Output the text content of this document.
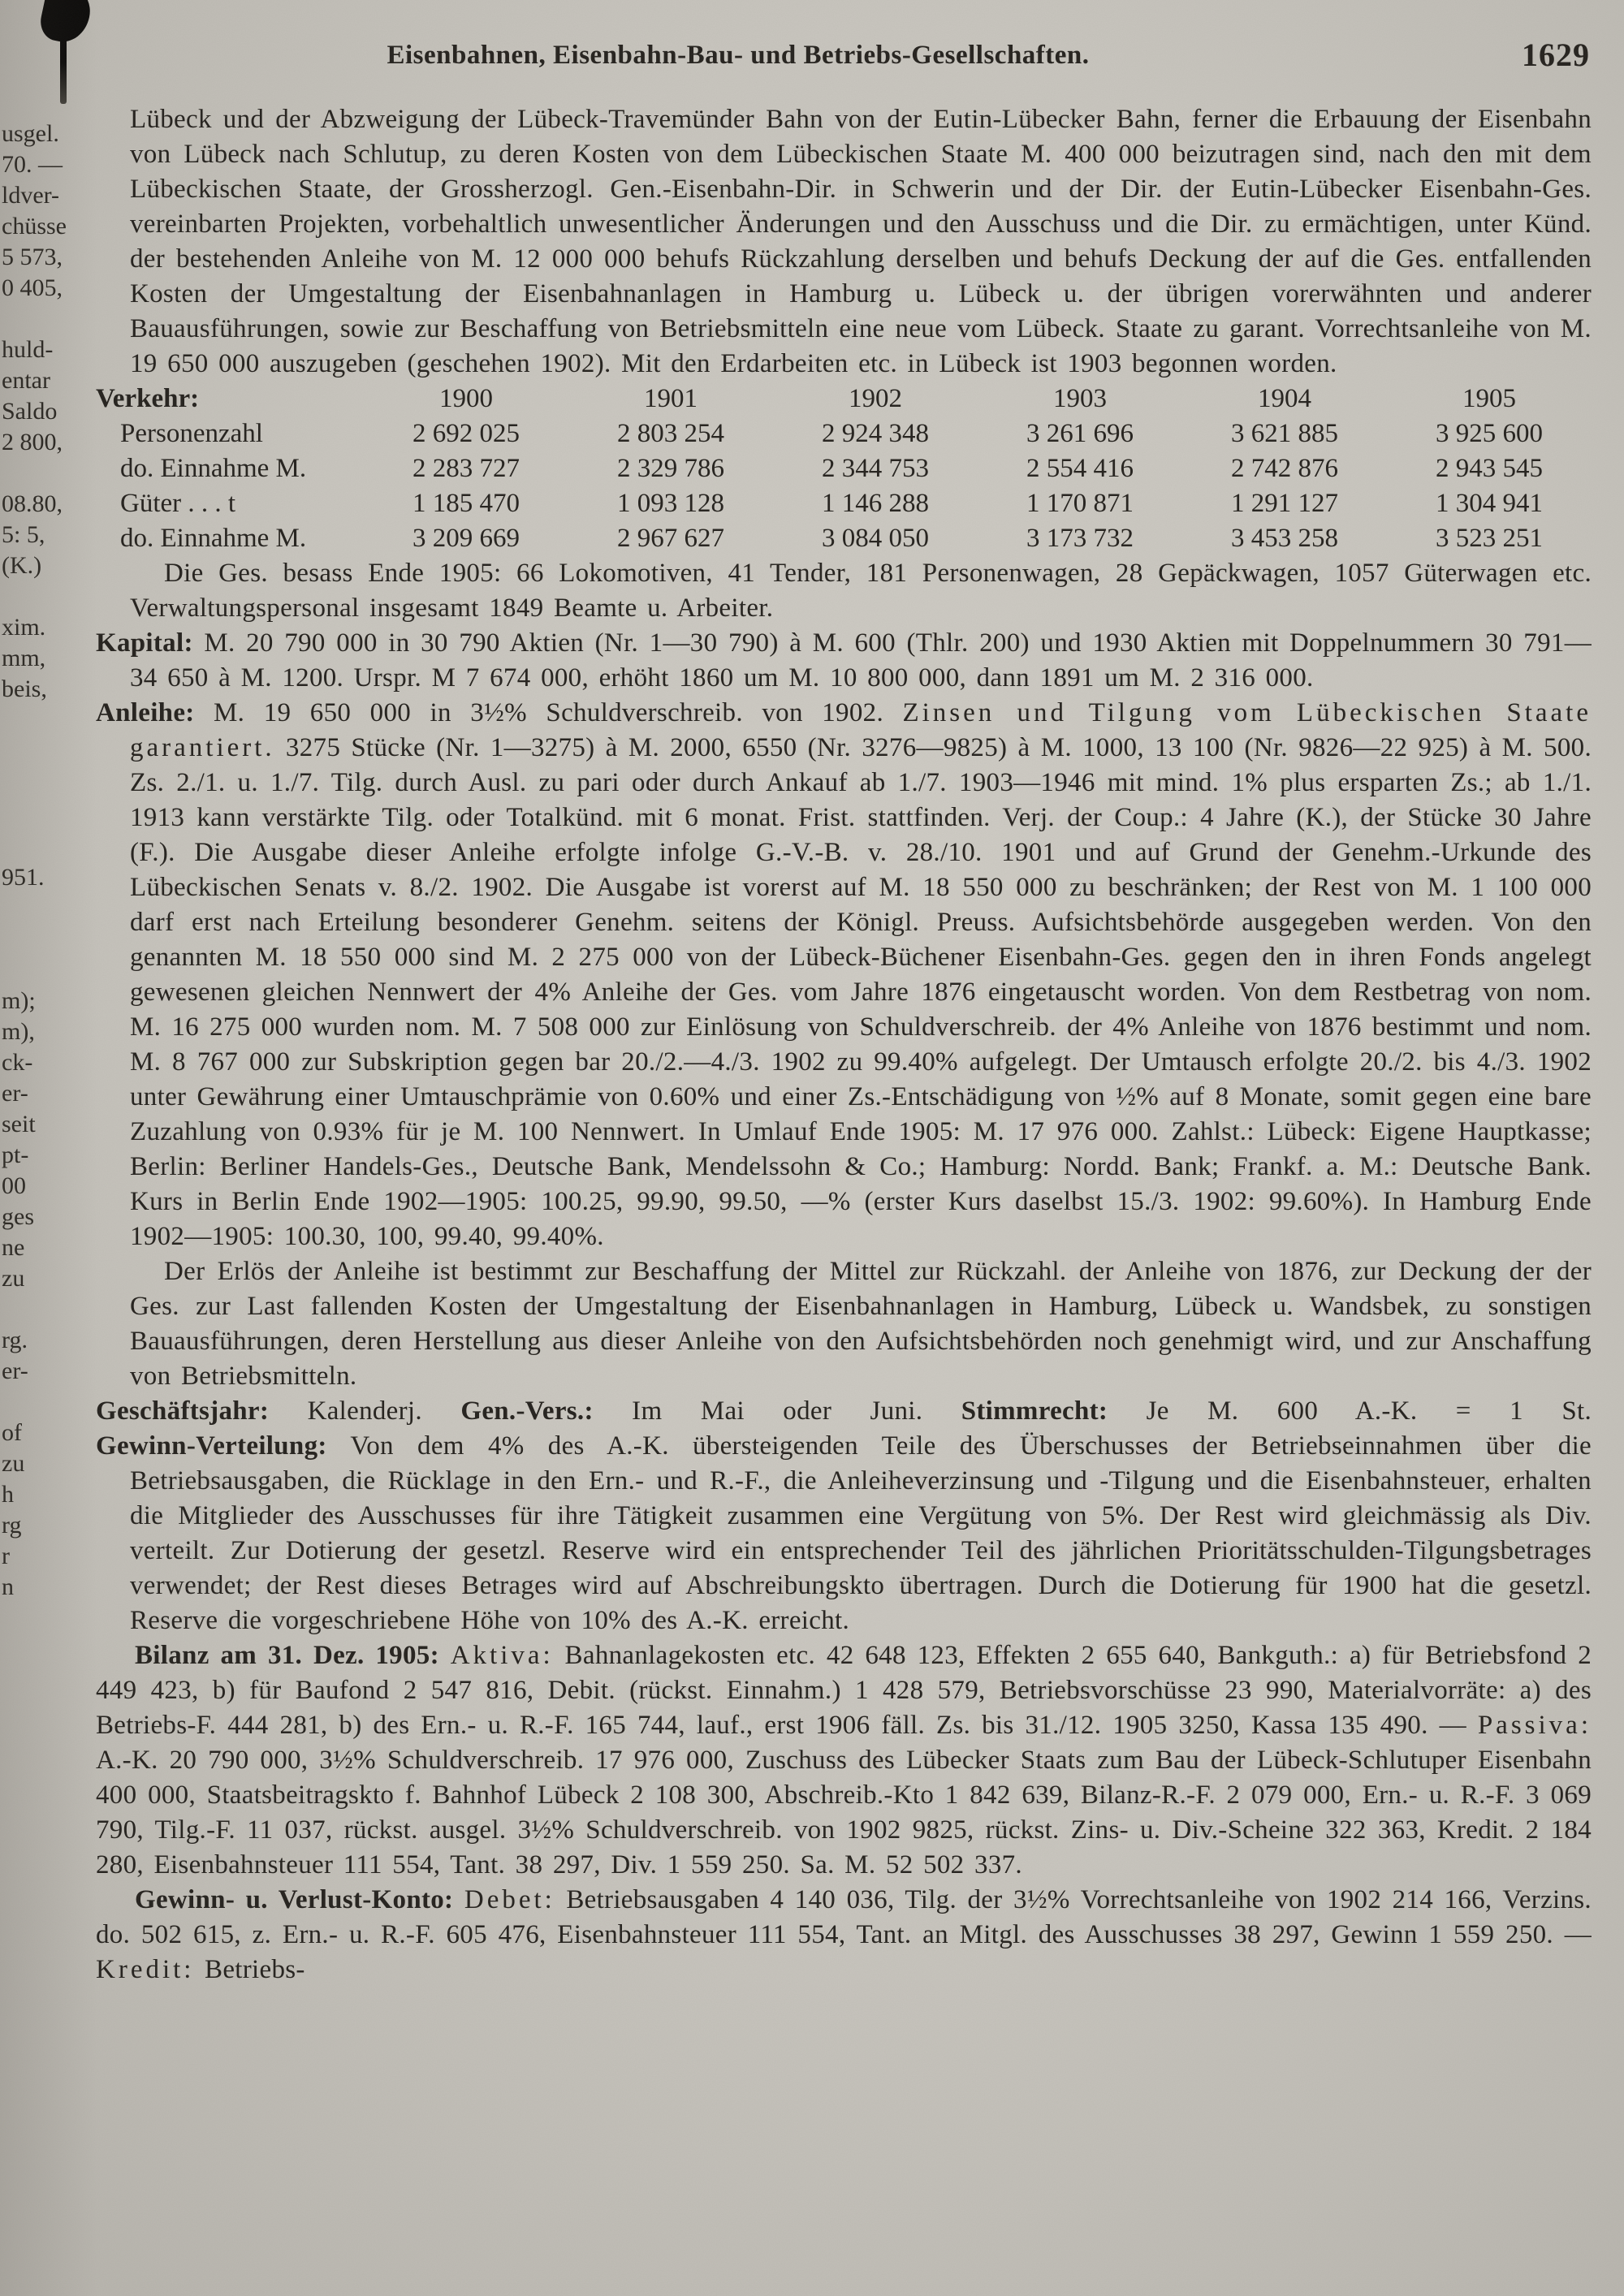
usgel.
70. —
ldver-
chüsse
5 573,
0 405,
huld-
entar
Saldo
2 800,
08.80,
5: 5,
(K.)
xim.
mm,
beis,
951.
m);
m),
ck-
er-
seit
pt-
00
ges
ne
zu
rg.
er-
of
zu
h
rg
r
n
Eisenbahnen, Eisenbahn-Bau- und Betriebs-Gesellschaften.	1629

Lübeck und der Abzweigung der Lübeck-Travemünder Bahn von der Eutin-Lübecker Bahn, ferner die Erbauung der Eisenbahn von Lübeck nach Schlutup, zu deren Kosten von dem Lübeckischen Staate M. 400 000 beizutragen sind, nach den mit dem Lübeckischen Staate, der Grossherzogl. Gen.-Eisenbahn-Dir. in Schwerin und der Dir. der Eutin-Lübecker Eisenbahn-Ges. vereinbarten Projekten, vorbehaltlich unwesentlicher Änderungen und den Ausschuss und die Dir. zu ermächtigen, unter Künd. der bestehenden Anleihe von M. 12 000 000 behufs Rückzahlung derselben und behufs Deckung der auf die Ges. entfallenden Kosten der Umgestaltung der Eisenbahnanlagen in Hamburg u. Lübeck u. der übrigen vorerwähnten und anderer Bauausführungen, sowie zur Beschaffung von Betriebsmitteln eine neue vom Lübeck. Staate zu garant. Vorrechtsanleihe von M. 19 650 000 auszugeben (geschehen 1902). Mit den Erdarbeiten etc. in Lübeck ist 1903 begonnen worden.

Verkehr:	1900	1901	1902	1903	1904	1905
Personenzahl	2 692 025	2 803 254	2 924 348	3 261 696	3 621 885	3 925 600
do. Einnahme M.	2 283 727	2 329 786	2 344 753	2 554 416	2 742 876	2 943 545
Güter . . . t	1 185 470	1 093 128	1 146 288	1 170 871	1 291 127	1 304 941
do. Einnahme M.	3 209 669	2 967 627	3 084 050	3 173 732	3 453 258	3 523 251

Die Ges. besass Ende 1905: 66 Lokomotiven, 41 Tender, 181 Personenwagen, 28 Gepäckwagen, 1057 Güterwagen etc. Verwaltungspersonal insgesamt 1849 Beamte u. Arbeiter.

Kapital: M. 20 790 000 in 30 790 Aktien (Nr. 1—30 790) à M. 600 (Thlr. 200) und 1930 Aktien mit Doppelnummern 30 791—34 650 à M. 1200. Urspr. M 7 674 000, erhöht 1860 um M. 10 800 000, dann 1891 um M. 2 316 000.

Anleihe: M. 19 650 000 in 3½% Schuldverschreib. von 1902. Zinsen und Tilgung vom Lübeckischen Staate garantiert. 3275 Stücke (Nr. 1—3275) à M. 2000, 6550 (Nr. 3276—9825) à M. 1000, 13 100 (Nr. 9826—22 925) à M. 500. Zs. 2./1. u. 1./7. Tilg. durch Ausl. zu pari oder durch Ankauf ab 1./7. 1903—1946 mit mind. 1% plus ersparten Zs.; ab 1./1. 1913 kann verstärkte Tilg. oder Totalkünd. mit 6 monat. Frist. stattfinden. Verj. der Coup.: 4 Jahre (K.), der Stücke 30 Jahre (F.). Die Ausgabe dieser Anleihe erfolgte infolge G.-V.-B. v. 28./10. 1901 und auf Grund der Genehm.-Urkunde des Lübeckischen Senats v. 8./2. 1902. Die Ausgabe ist vorerst auf M. 18 550 000 zu beschränken; der Rest von M. 1 100 000 darf erst nach Erteilung besonderer Genehm. seitens der Königl. Preuss. Aufsichtsbehörde ausgegeben werden. Von den genannten M. 18 550 000 sind M. 2 275 000 von der Lübeck-Büchener Eisenbahn-Ges. gegen den in ihren Fonds angelegt gewesenen gleichen Nennwert der 4% Anleihe der Ges. vom Jahre 1876 eingetauscht worden. Von dem Restbetrag von nom. M. 16 275 000 wurden nom. M. 7 508 000 zur Einlösung von Schuldverschreib. der 4% Anleihe von 1876 bestimmt und nom. M. 8 767 000 zur Subskription gegen bar 20./2.—4./3. 1902 zu 99.40% aufgelegt. Der Umtausch erfolgte 20./2. bis 4./3. 1902 unter Gewährung einer Umtauschprämie von 0.60% und einer Zs.-Entschädigung von ½% auf 8 Monate, somit gegen eine bare Zuzahlung von 0.93% für je M. 100 Nennwert. In Umlauf Ende 1905: M. 17 976 000. Zahlst.: Lübeck: Eigene Hauptkasse; Berlin: Berliner Handels-Ges., Deutsche Bank, Mendelssohn & Co.; Hamburg: Nordd. Bank; Frankf. a. M.: Deutsche Bank. Kurs in Berlin Ende 1902—1905: 100.25, 99.90, 99.50, —% (erster Kurs daselbst 15./3. 1902: 99.60%). In Hamburg Ende 1902—1905: 100.30, 100, 99.40, 99.40%.

Der Erlös der Anleihe ist bestimmt zur Beschaffung der Mittel zur Rückzahl. der Anleihe von 1876, zur Deckung der der Ges. zur Last fallenden Kosten der Umgestaltung der Eisenbahnanlagen in Hamburg, Lübeck u. Wandsbek, zu sonstigen Bauausführungen, deren Herstellung aus dieser Anleihe von den Aufsichtsbehörden noch genehmigt wird, und zur Anschaffung von Betriebsmitteln.

Geschäftsjahr: Kalenderj. Gen.-Vers.: Im Mai oder Juni. Stimmrecht: Je M. 600 A.-K. = 1 St.

Gewinn-Verteilung: Von dem 4% des A.-K. übersteigenden Teile des Überschusses der Betriebseinnahmen über die Betriebsausgaben, die Rücklage in den Ern.- und R.-F., die Anleiheverzinsung und -Tilgung und die Eisenbahnsteuer, erhalten die Mitglieder des Ausschusses für ihre Tätigkeit zusammen eine Vergütung von 5%. Der Rest wird gleichmässig als Div. verteilt. Zur Dotierung der gesetzl. Reserve wird ein entsprechender Teil des jährlichen Prioritätsschulden-Tilgungsbetrages verwendet; der Rest dieses Betrages wird auf Abschreibungskto übertragen. Durch die Dotierung für 1900 hat die gesetzl. Reserve die vorgeschriebene Höhe von 10% des A.-K. erreicht.

Bilanz am 31. Dez. 1905: Aktiva: Bahnanlagekosten etc. 42 648 123, Effekten 2 655 640, Bankguth.: a) für Betriebsfond 2 449 423, b) für Baufond 2 547 816, Debit. (rückst. Einnahm.) 1 428 579, Betriebsvorschüsse 23 990, Materialvorräte: a) des Betriebs-F. 444 281, b) des Ern.- u. R.-F. 165 744, lauf., erst 1906 fäll. Zs. bis 31./12. 1905 3250, Kassa 135 490. — Passiva: A.-K. 20 790 000, 3½% Schuldverschreib. 17 976 000, Zuschuss des Lübecker Staats zum Bau der Lübeck-Schlutuper Eisenbahn 400 000, Staatsbeitragskto f. Bahnhof Lübeck 2 108 300, Abschreib.-Kto 1 842 639, Bilanz-R.-F. 2 079 000, Ern.- u. R.-F. 3 069 790, Tilg.-F. 11 037, rückst. ausgel. 3½% Schuldverschreib. von 1902 9825, rückst. Zins- u. Div.-Scheine 322 363, Kredit. 2 184 280, Eisenbahnsteuer 111 554, Tant. 38 297, Div. 1 559 250. Sa. M. 52 502 337.

Gewinn- u. Verlust-Konto: Debet: Betriebsausgaben 4 140 036, Tilg. der 3½% Vorrechtsanleihe von 1902 214 166, Verzins. do. 502 615, z. Ern.- u. R.-F. 605 476, Eisenbahnsteuer 111 554, Tant. an Mitgl. des Ausschusses 38 297, Gewinn 1 559 250. — Kredit: Betriebs-
